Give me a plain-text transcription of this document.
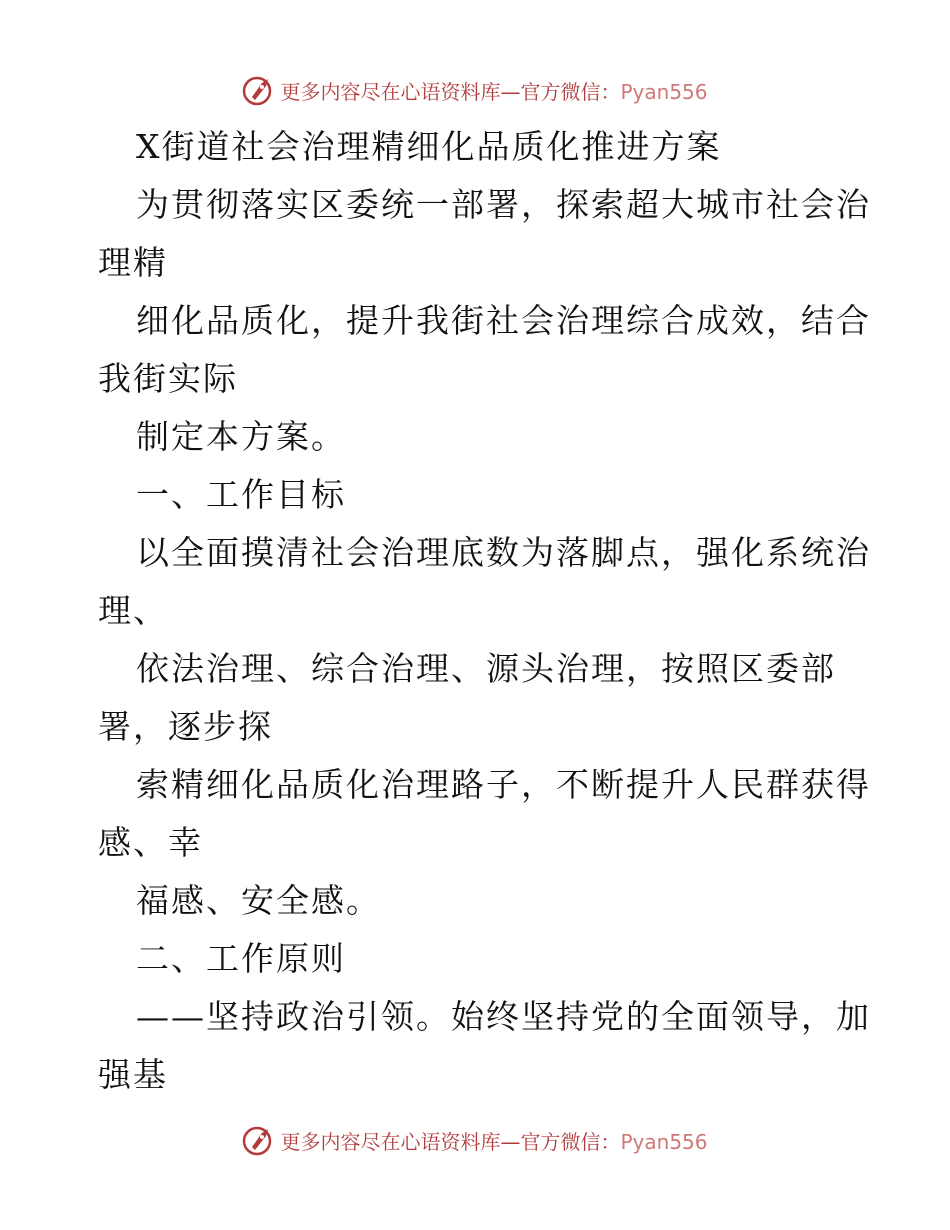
更多内容尽在心语资料库—官方微信：Pyan556
X街道社会治理精细化品质化推进方案
为贯彻落实区委统一部署，探索超大城市社会治
理精
细化品质化，提升我街社会治理综合成效，结合
我街实际
制定本方案。
一、工作目标
以全面摸清社会治理底数为落脚点，强化系统治
理、
依法治理、综合治理、源头治理，按照区委部
署，逐步探
索精细化品质化治理路子，不断提升人民群获得
感、幸
福感、安全感。
二、工作原则
——坚持政治引领。始终坚持党的全面领导，加
强基
更多内容尽在心语资料库—官方微信：Pyan556
